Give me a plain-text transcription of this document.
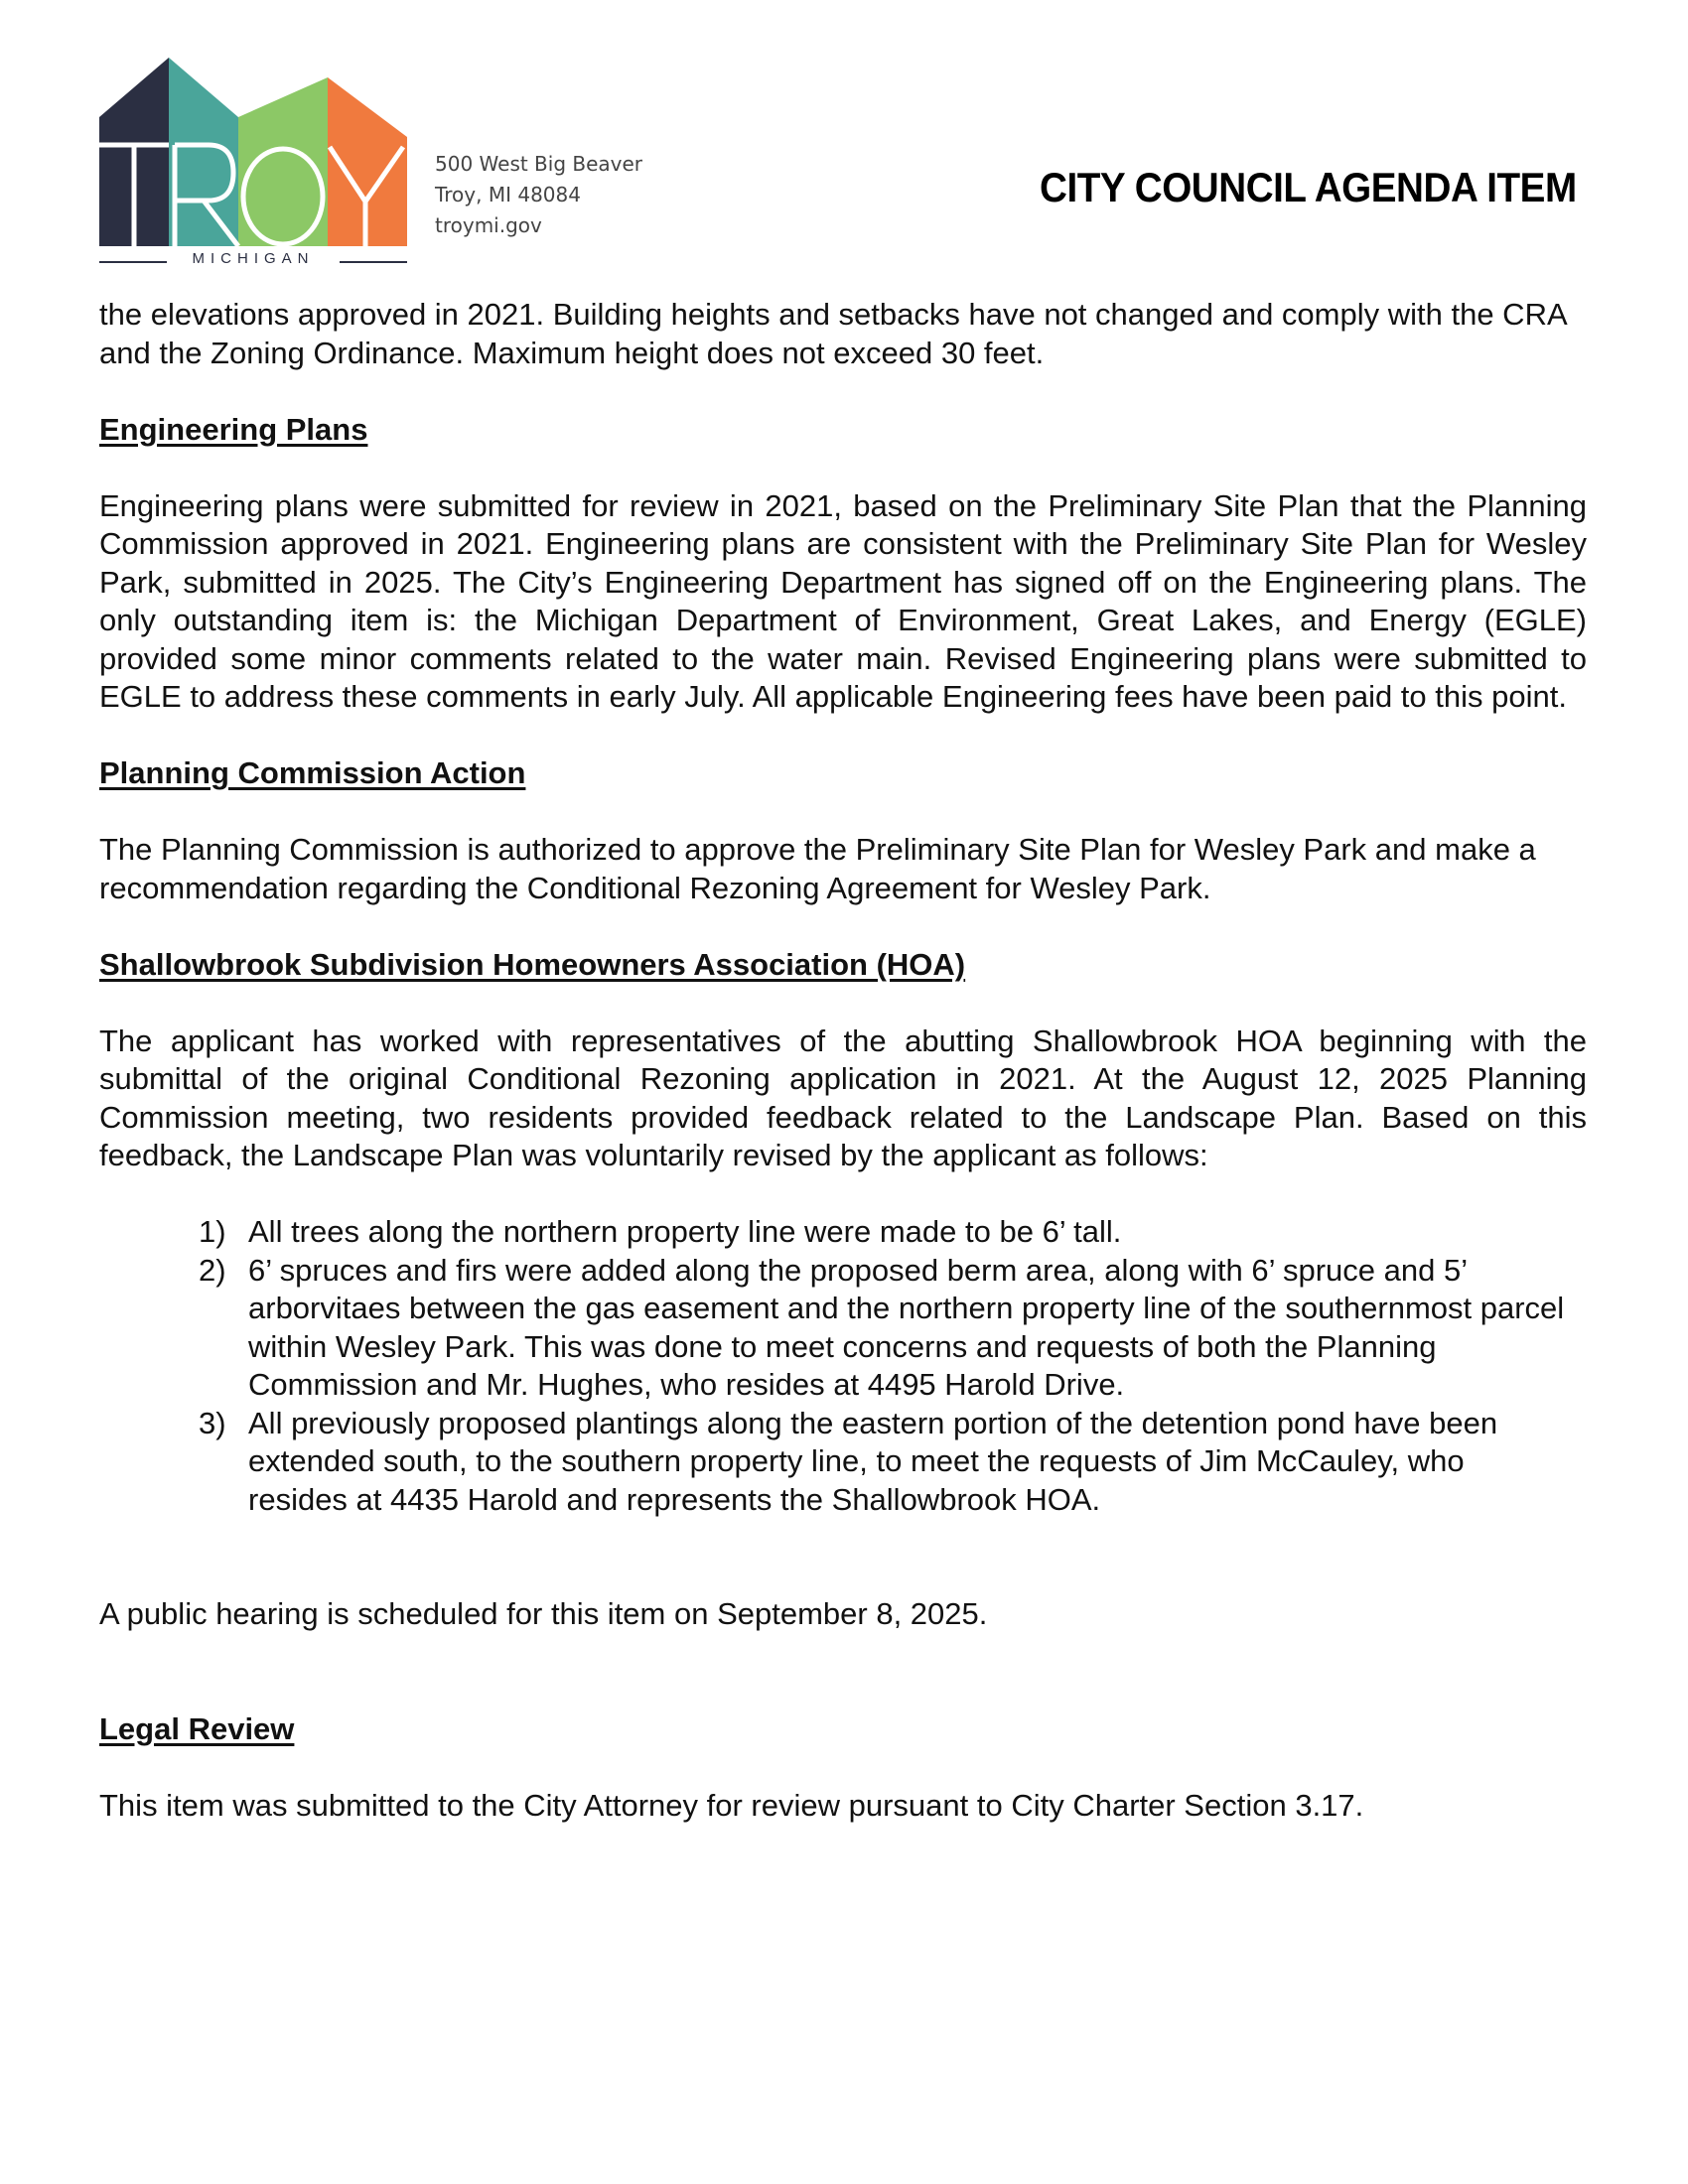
MICHIGAN
500 West Big Beaver
Troy, MI 48084
troymi.gov
CITY COUNCIL AGENDA ITEM

the elevations approved in 2021. Building heights and setbacks have not changed and comply with the CRA and the Zoning Ordinance. Maximum height does not exceed 30 feet.

Engineering Plans

Engineering plans were submitted for review in 2021, based on the Preliminary Site Plan that the Planning Commission approved in 2021. Engineering plans are consistent with the Preliminary Site Plan for Wesley Park, submitted in 2025. The City’s Engineering Department has signed off on the Engineering plans. The only outstanding item is: the Michigan Department of Environment, Great Lakes, and Energy (EGLE) provided some minor comments related to the water main. Revised Engineering plans were submitted to EGLE to address these comments in early July. All applicable Engineering fees have been paid to this point.

Planning Commission Action

The Planning Commission is authorized to approve the Preliminary Site Plan for Wesley Park and make a recommendation regarding the Conditional Rezoning Agreement for Wesley Park.

Shallowbrook Subdivision Homeowners Association (HOA)

The applicant has worked with representatives of the abutting Shallowbrook HOA beginning with the submittal of the original Conditional Rezoning application in 2021. At the August 12, 2025 Planning Commission meeting, two residents provided feedback related to the Landscape Plan. Based on this feedback, the Landscape Plan was voluntarily revised by the applicant as follows:

1) All trees along the northern property line were made to be 6’ tall.
2) 6’ spruces and firs were added along the proposed berm area, along with 6’ spruce and 5’ arborvitaes between the gas easement and the northern property line of the southernmost parcel within Wesley Park. This was done to meet concerns and requests of both the Planning Commission and Mr. Hughes, who resides at 4495 Harold Drive.
3) All previously proposed plantings along the eastern portion of the detention pond have been extended south, to the southern property line, to meet the requests of Jim McCauley, who resides at 4435 Harold and represents the Shallowbrook HOA.

A public hearing is scheduled for this item on September 8, 2025.

Legal Review

This item was submitted to the City Attorney for review pursuant to City Charter Section 3.17.
